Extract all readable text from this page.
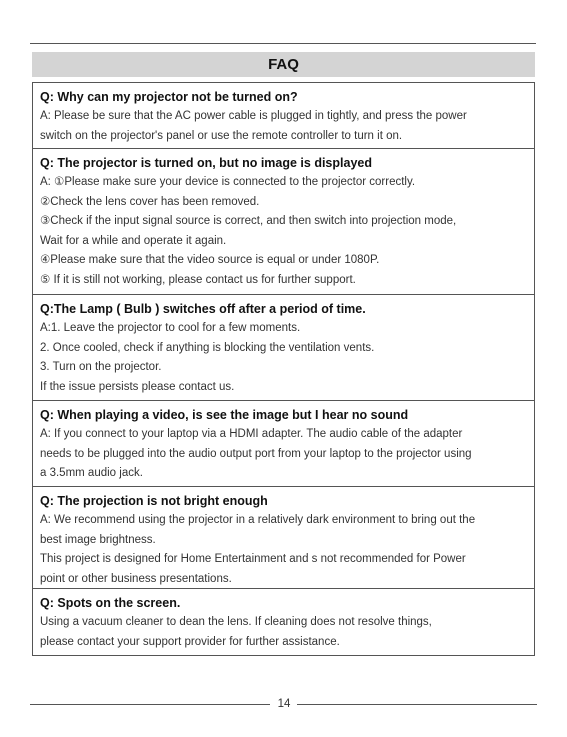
FAQ

Q: Why can my projector not be turned on?

A: Please be sure that the AC power cable is plugged in tightly, and press the power

switch on the projector's panel or use the remote controller to turn it on.

Q: The projector is turned on, but no image is displayed

A: ①Please make sure your device is connected to the projector correctly.

②Check the lens cover has been removed.

③Check if the input signal source is correct, and then switch into projection mode,

Wait for a while and operate it again.

④Please make sure that the video source is equal or under 1080P.

⑤ If it is still not working, please contact us for further support.

Q:The Lamp ( Bulb ) switches off after a period of time.

A:1. Leave the projector to cool for a few moments.

2. Once cooled, check if anything is blocking the ventilation vents.

3. Turn on the projector.

If the issue persists please contact us.

Q: When playing a video, is see the image but I hear no sound

A: If you connect to your laptop via a HDMI adapter. The audio cable of the adapter

needs to be plugged into the audio output port from your laptop to the projector using

a 3.5mm audio jack.

Q: The projection is not bright enough

A: We recommend using the projector in a relatively dark environment to bring out the

best image brightness.

This project is designed for Home Entertainment and s not recommended for Power

point or other business presentations.

Q: Spots on the screen.

Using a vacuum cleaner to dean the lens. If cleaning does not resolve things,

please contact your support provider for further assistance.

14
